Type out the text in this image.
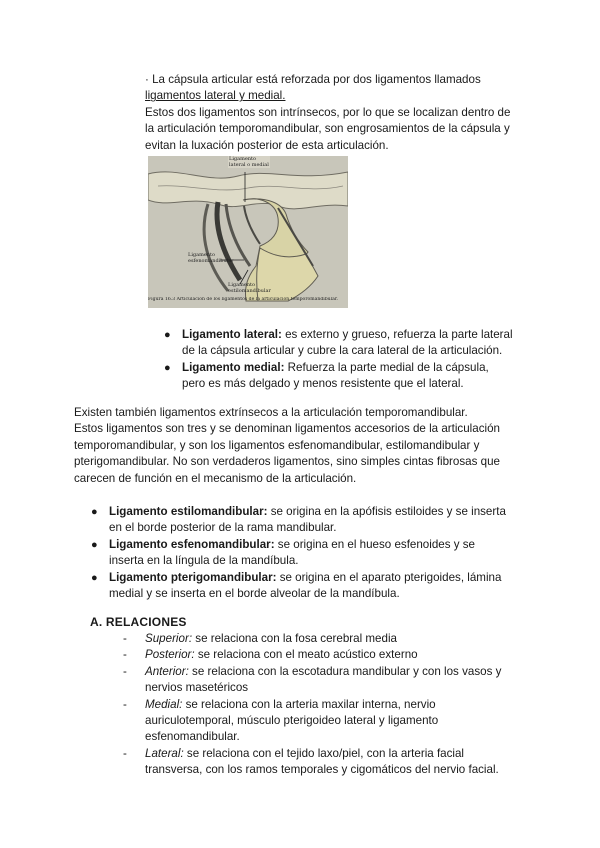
· La cápsula articular está reforzada por dos ligamentos llamados
ligamentos lateral y medial.
Estos dos ligamentos son intrínsecos, por lo que se localizan dentro de
la articulación temporomandibular, son engrosamientos de la cápsula y
evitan la luxación posterior de esta articulación.
Ligamento
lateral o medial
Ligamento
esfenomandibular
Ligamento
estilomandibular
Figura 16.3 Articulación de los ligamentos de la articulación temporomandibular.
● Ligamento lateral: es externo y grueso, refuerza la parte lateral
de la cápsula articular y cubre la cara lateral de la articulación.
● Ligamento medial: Refuerza la parte medial de la cápsula,
pero es más delgado y menos resistente que el lateral.
Existen también ligamentos extrínsecos a la articulación temporomandibular.
Estos ligamentos son tres y se denominan ligamentos accesorios de la articulación
temporomandibular, y son los ligamentos esfenomandibular, estilomandibular y
pterigomandibular. No son verdaderos ligamentos, sino simples cintas fibrosas que
carecen de función en el mecanismo de la articulación.
● Ligamento estilomandibular: se origina en la apófisis estiloides y se inserta
en el borde posterior de la rama mandibular.
● Ligamento esfenomandibular: se origina en el hueso esfenoides y se
inserta en la língula de la mandíbula.
● Ligamento pterigomandibular: se origina en el aparato pterigoides, lámina
medial y se inserta en el borde alveolar de la mandíbula.
A. RELACIONES
- Superior: se relaciona con la fosa cerebral media
- Posterior: se relaciona con el meato acústico externo
- Anterior: se relaciona con la escotadura mandibular y con los vasos y
nervios masetéricos
- Medial: se relaciona con la arteria maxilar interna, nervio
auriculotemporal, músculo pterigoideo lateral y ligamento
esfenomandibular.
- Lateral: se relaciona con el tejido laxo/piel, con la arteria facial
transversa, con los ramos temporales y cigomáticos del nervio facial.
